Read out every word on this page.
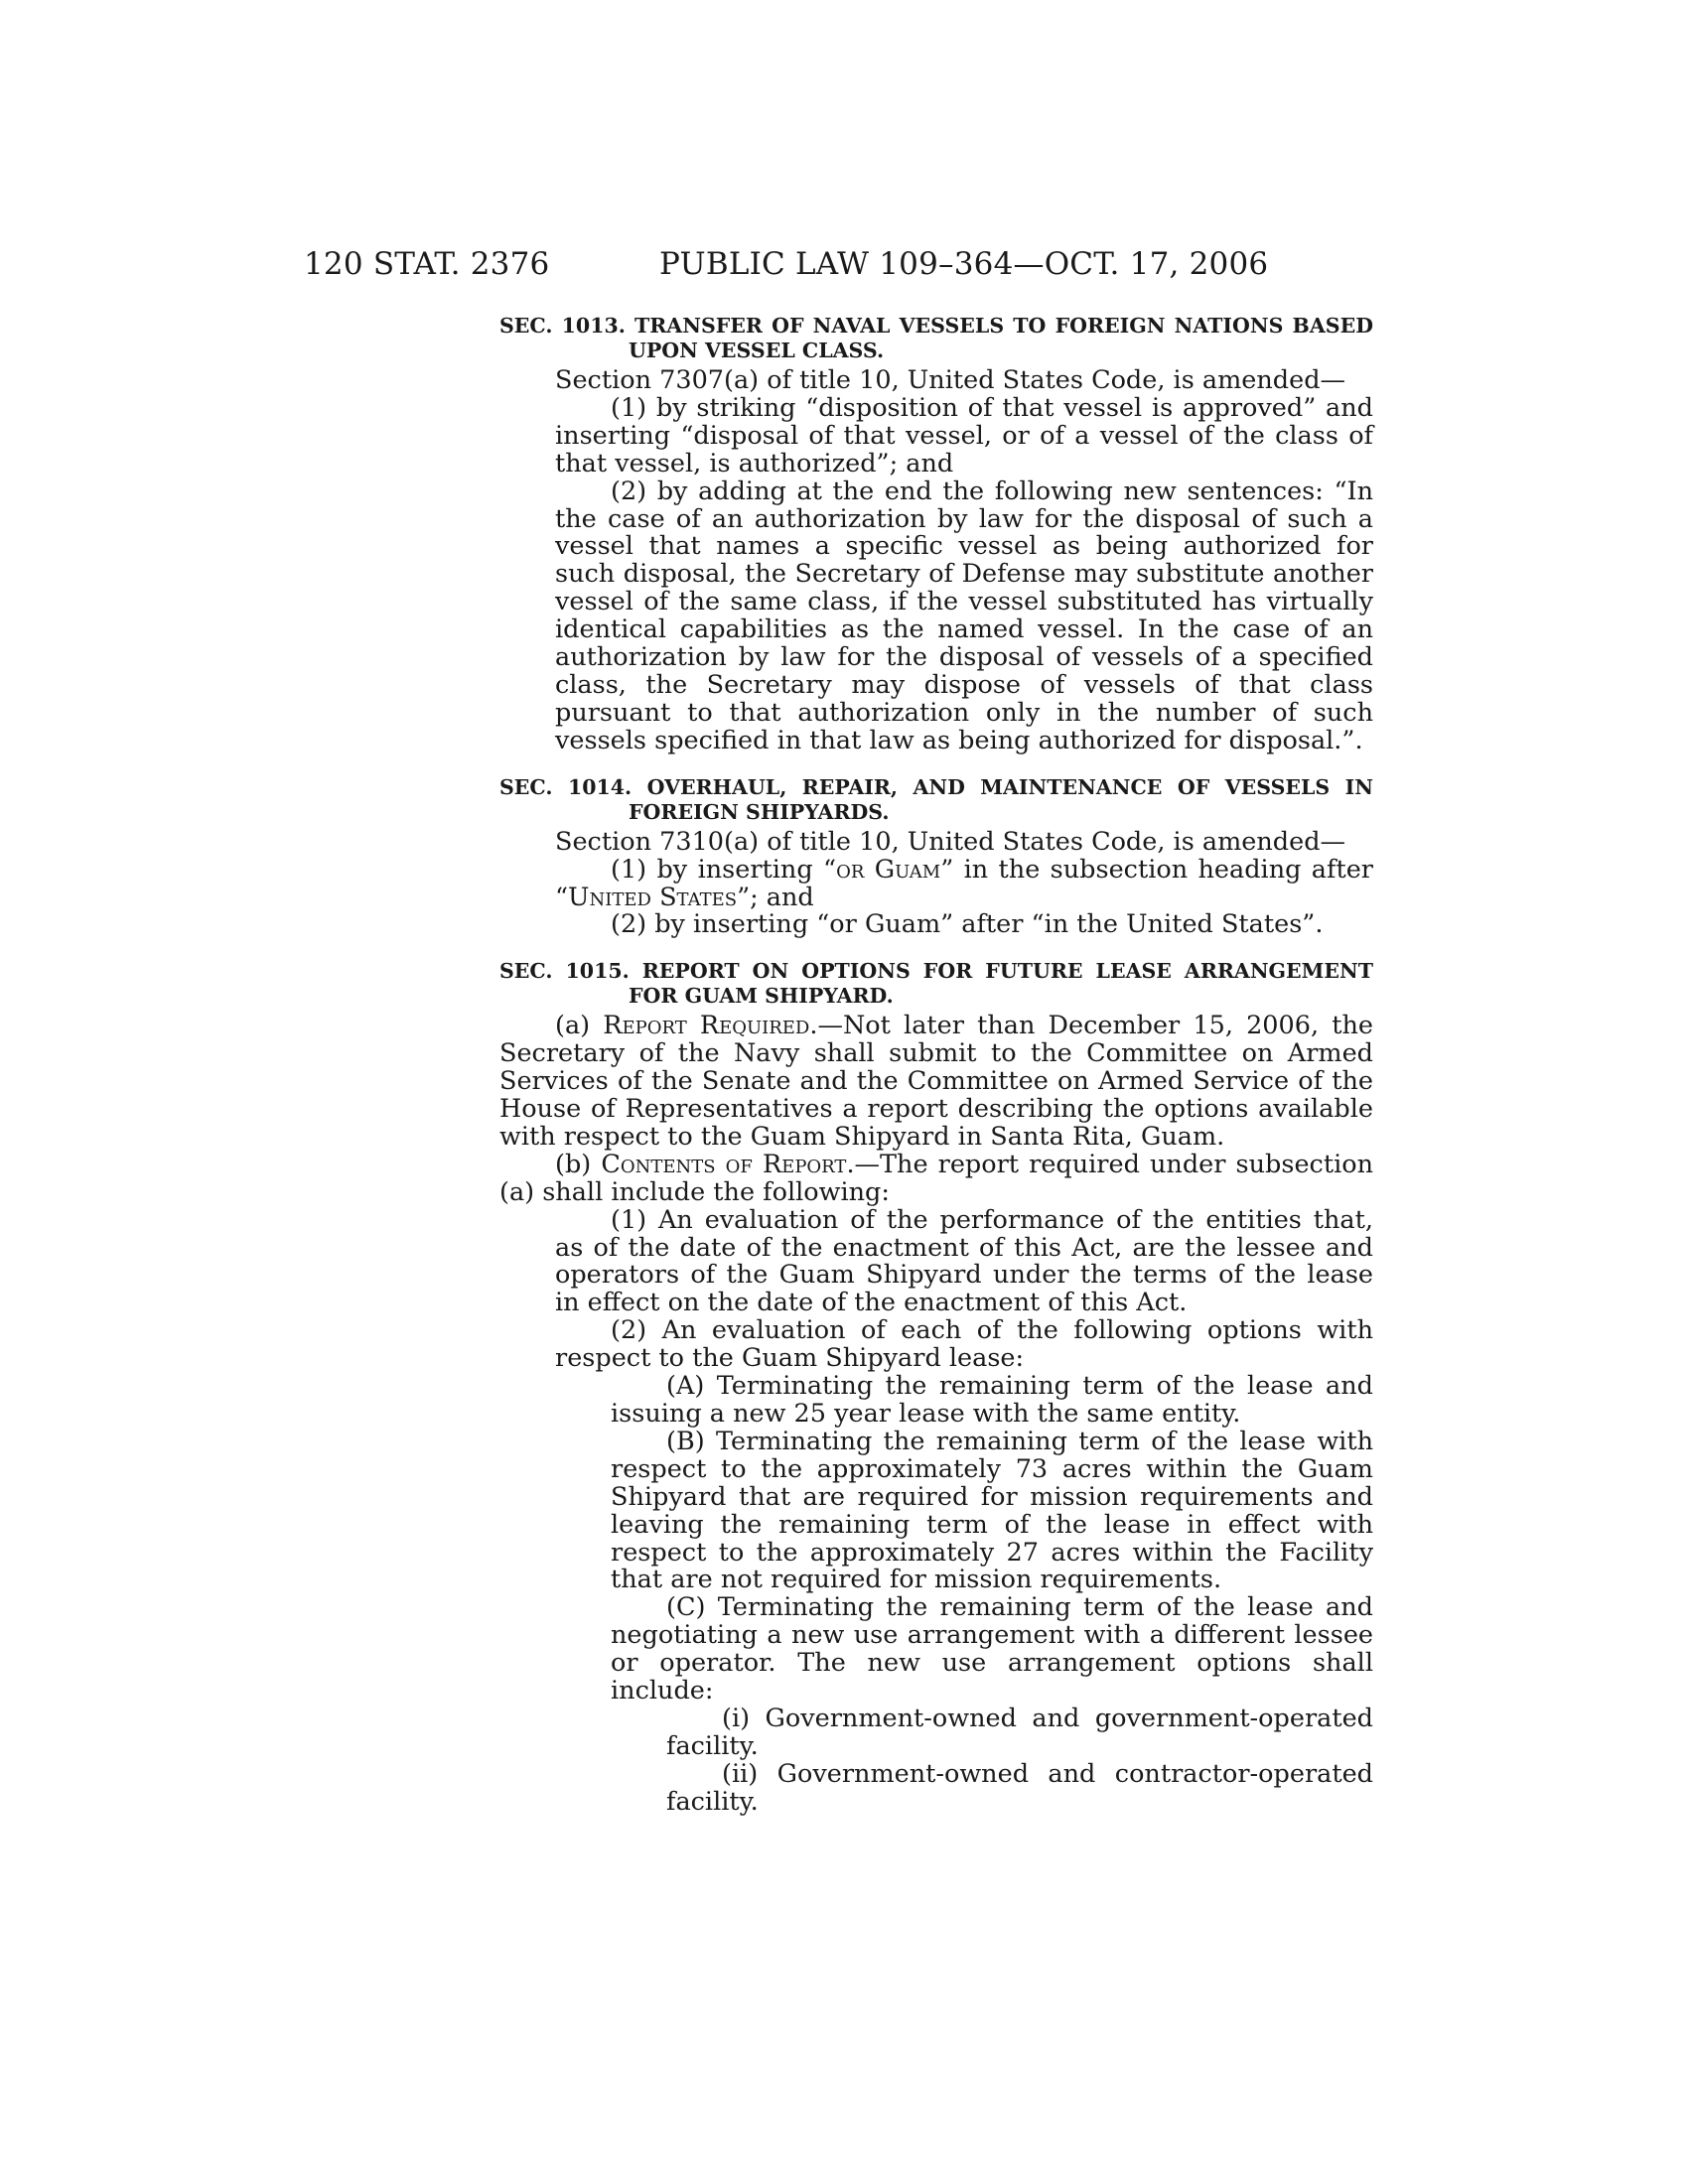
120 STAT. 2376	PUBLIC LAW 109–364—OCT. 17, 2006
SEC. 1013. TRANSFER OF NAVAL VESSELS TO FOREIGN NATIONS BASED UPON VESSEL CLASS.

Section 7307(a) of title 10, United States Code, is amended—

(1) by striking “disposition of that vessel is approved” and inserting “disposal of that vessel, or of a vessel of the class of that vessel, is authorized”; and

(2) by adding at the end the following new sentences: “In the case of an authorization by law for the disposal of such a vessel that names a specific vessel as being authorized for such disposal, the Secretary of Defense may substitute another vessel of the same class, if the vessel substituted has virtually identical capabilities as the named vessel. In the case of an authorization by law for the disposal of vessels of a specified class, the Secretary may dispose of vessels of that class pursuant to that authorization only in the number of such vessels specified in that law as being authorized for disposal.”.

SEC. 1014. OVERHAUL, REPAIR, AND MAINTENANCE OF VESSELS IN FOREIGN SHIPYARDS.

Section 7310(a) of title 10, United States Code, is amended—

(1) by inserting “or Guam” in the subsection heading after “United States”; and

(2) by inserting “or Guam” after “in the United States”.

SEC. 1015. REPORT ON OPTIONS FOR FUTURE LEASE ARRANGEMENT FOR GUAM SHIPYARD.

(a) Report Required.—Not later than December 15, 2006, the Secretary of the Navy shall submit to the Committee on Armed Services of the Senate and the Committee on Armed Service of the House of Representatives a report describing the options available with respect to the Guam Shipyard in Santa Rita, Guam.

(b) Contents of Report.—The report required under subsection (a) shall include the following:

(1) An evaluation of the performance of the entities that, as of the date of the enactment of this Act, are the lessee and operators of the Guam Shipyard under the terms of the lease in effect on the date of the enactment of this Act.

(2) An evaluation of each of the following options with respect to the Guam Shipyard lease:

(A) Terminating the remaining term of the lease and issuing a new 25 year lease with the same entity.

(B) Terminating the remaining term of the lease with respect to the approximately 73 acres within the Guam Shipyard that are required for mission requirements and leaving the remaining term of the lease in effect with respect to the approximately 27 acres within the Facility that are not required for mission requirements.

(C) Terminating the remaining term of the lease and negotiating a new use arrangement with a different lessee or operator. The new use arrangement options shall include:

(i) Government-owned and government-operated facility.

(ii) Government-owned and contractor-operated facility.
